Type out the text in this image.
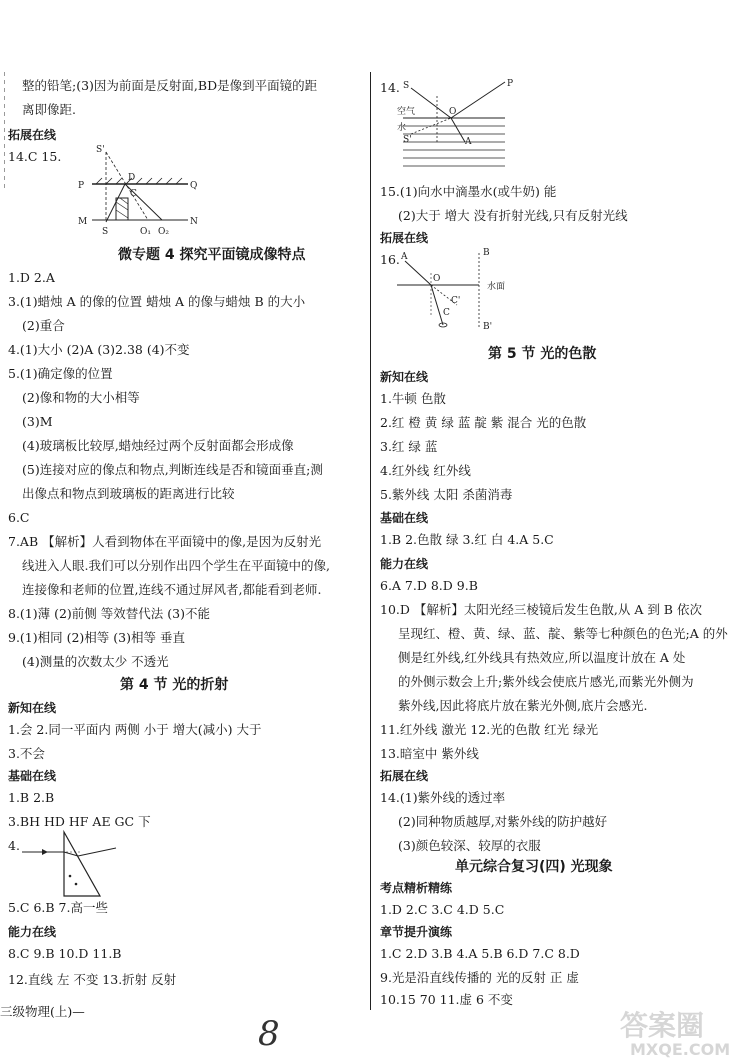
整的铅笔;(3)因为前面是反射面,BD是像到平面镜的距
离即像距.
拓展在线
14.C 15.
1.D 2.A
3.(1)蜡烛 A 的像的位置 蜡烛 A 的像与蜡烛 B 的大小
(2)重合
4.(1)大小 (2)A (3)2.38 (4)不变
5.(1)确定像的位置
(2)像和物的大小相等
(3)M
(4)玻璃板比较厚,蜡烛经过两个反射面都会形成像
(5)连接对应的像点和物点,判断连线是否和镜面垂直;测
出像点和物点到玻璃板的距离进行比较
6.C
7.AB 【解析】人看到物体在平面镜中的像,是因为反射光
线进入人眼.我们可以分别作出四个学生在平面镜中的像,
连接像和老师的位置,连线不通过屏风者,都能看到老师.
8.(1)薄 (2)前侧 等效替代法 (3)不能
9.(1)相同 (2)相等 (3)相等 垂直
(4)测量的次数太少 不透光
新知在线
1.会 2.同一平面内 两侧 小于 增大(减小) 大于
3.不会
基础在线
1.B 2.B
3.BH HD HF AE GC 下
4.
5.C 6.B 7.高一些
能力在线
8.C 9.B 10.D 11.B
12.直线 左 不变 13.折射 反射
三级物理(上)—
14.
15.(1)向水中滴墨水(或牛奶) 能
(2)大于 增大 没有折射光线,只有反射光线
拓展在线
16.
新知在线
1.牛顿 色散
2.红 橙 黄 绿 蓝 靛 紫 混合 光的色散
3.红 绿 蓝
4.红外线 红外线
5.紫外线 太阳 杀菌消毒
基础在线
1.B 2.色散 绿 3.红 白 4.A 5.C
能力在线
6.A 7.D 8.D 9.B
10.D 【解析】太阳光经三棱镜后发生色散,从 A 到 B 依次
呈现红、橙、黄、绿、蓝、靛、紫等七种颜色的色光;A 的外
侧是红外线,红外线具有热效应,所以温度计放在 A 处
的外侧示数会上升;紫外线会使底片感光,而紫光外侧为
紫外线,因此将底片放在紫光外侧,底片会感光.
11.红外线 激光 12.光的色散 红光 绿光
13.暗室中 紫外线
拓展在线
14.(1)紫外线的透过率
(2)同种物质越厚,对紫外线的防护越好
(3)颜色较深、较厚的衣服
考点精析精练
1.D 2.C 3.C 4.D 5.C
章节提升演练
1.C 2.D 3.B 4.A 5.B 6.D 7.C 8.D
9.光是沿直线传播的 光的反射 正 虚
10.15 70 11.虚 6 不变
微专题 4 探究平面镜成像特点
第 4 节 光的折射
第 5 节 光的色散
单元综合复习(四) 光现象
S'
D
P	Q
M	N
S	O₁ O₂
C
S	P
空气
水
O
A
S'
A	B
O
C'
水面
C
B'
8	答案圈
MXQE.COM
